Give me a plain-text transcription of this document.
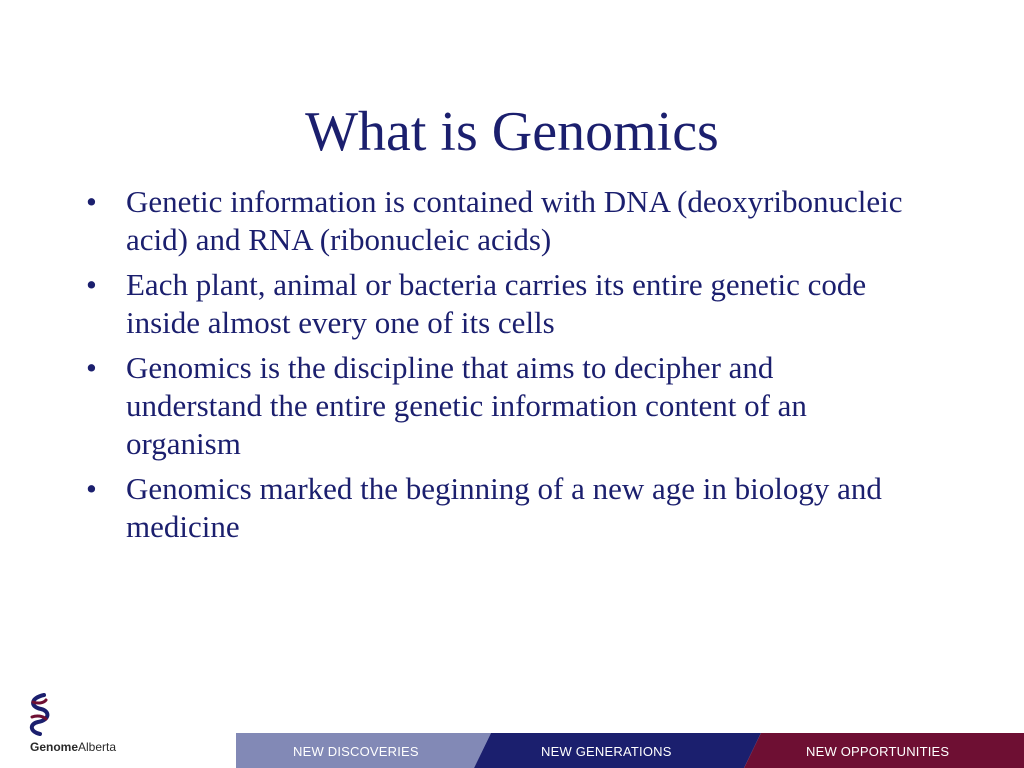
What is Genomics
• Genetic information is contained with DNA (deoxyribonucleic acid) and RNA (ribonucleic acids)
• Each plant, animal or bacteria carries its entire genetic code inside almost every one of its cells
• Genomics is the discipline that aims to decipher and understand the entire genetic information content of an organism
• Genomics marked the beginning of a new age in biology and medicine
GenomeAlberta	NEW DISCOVERIES	NEW GENERATIONS	NEW OPPORTUNITIES
